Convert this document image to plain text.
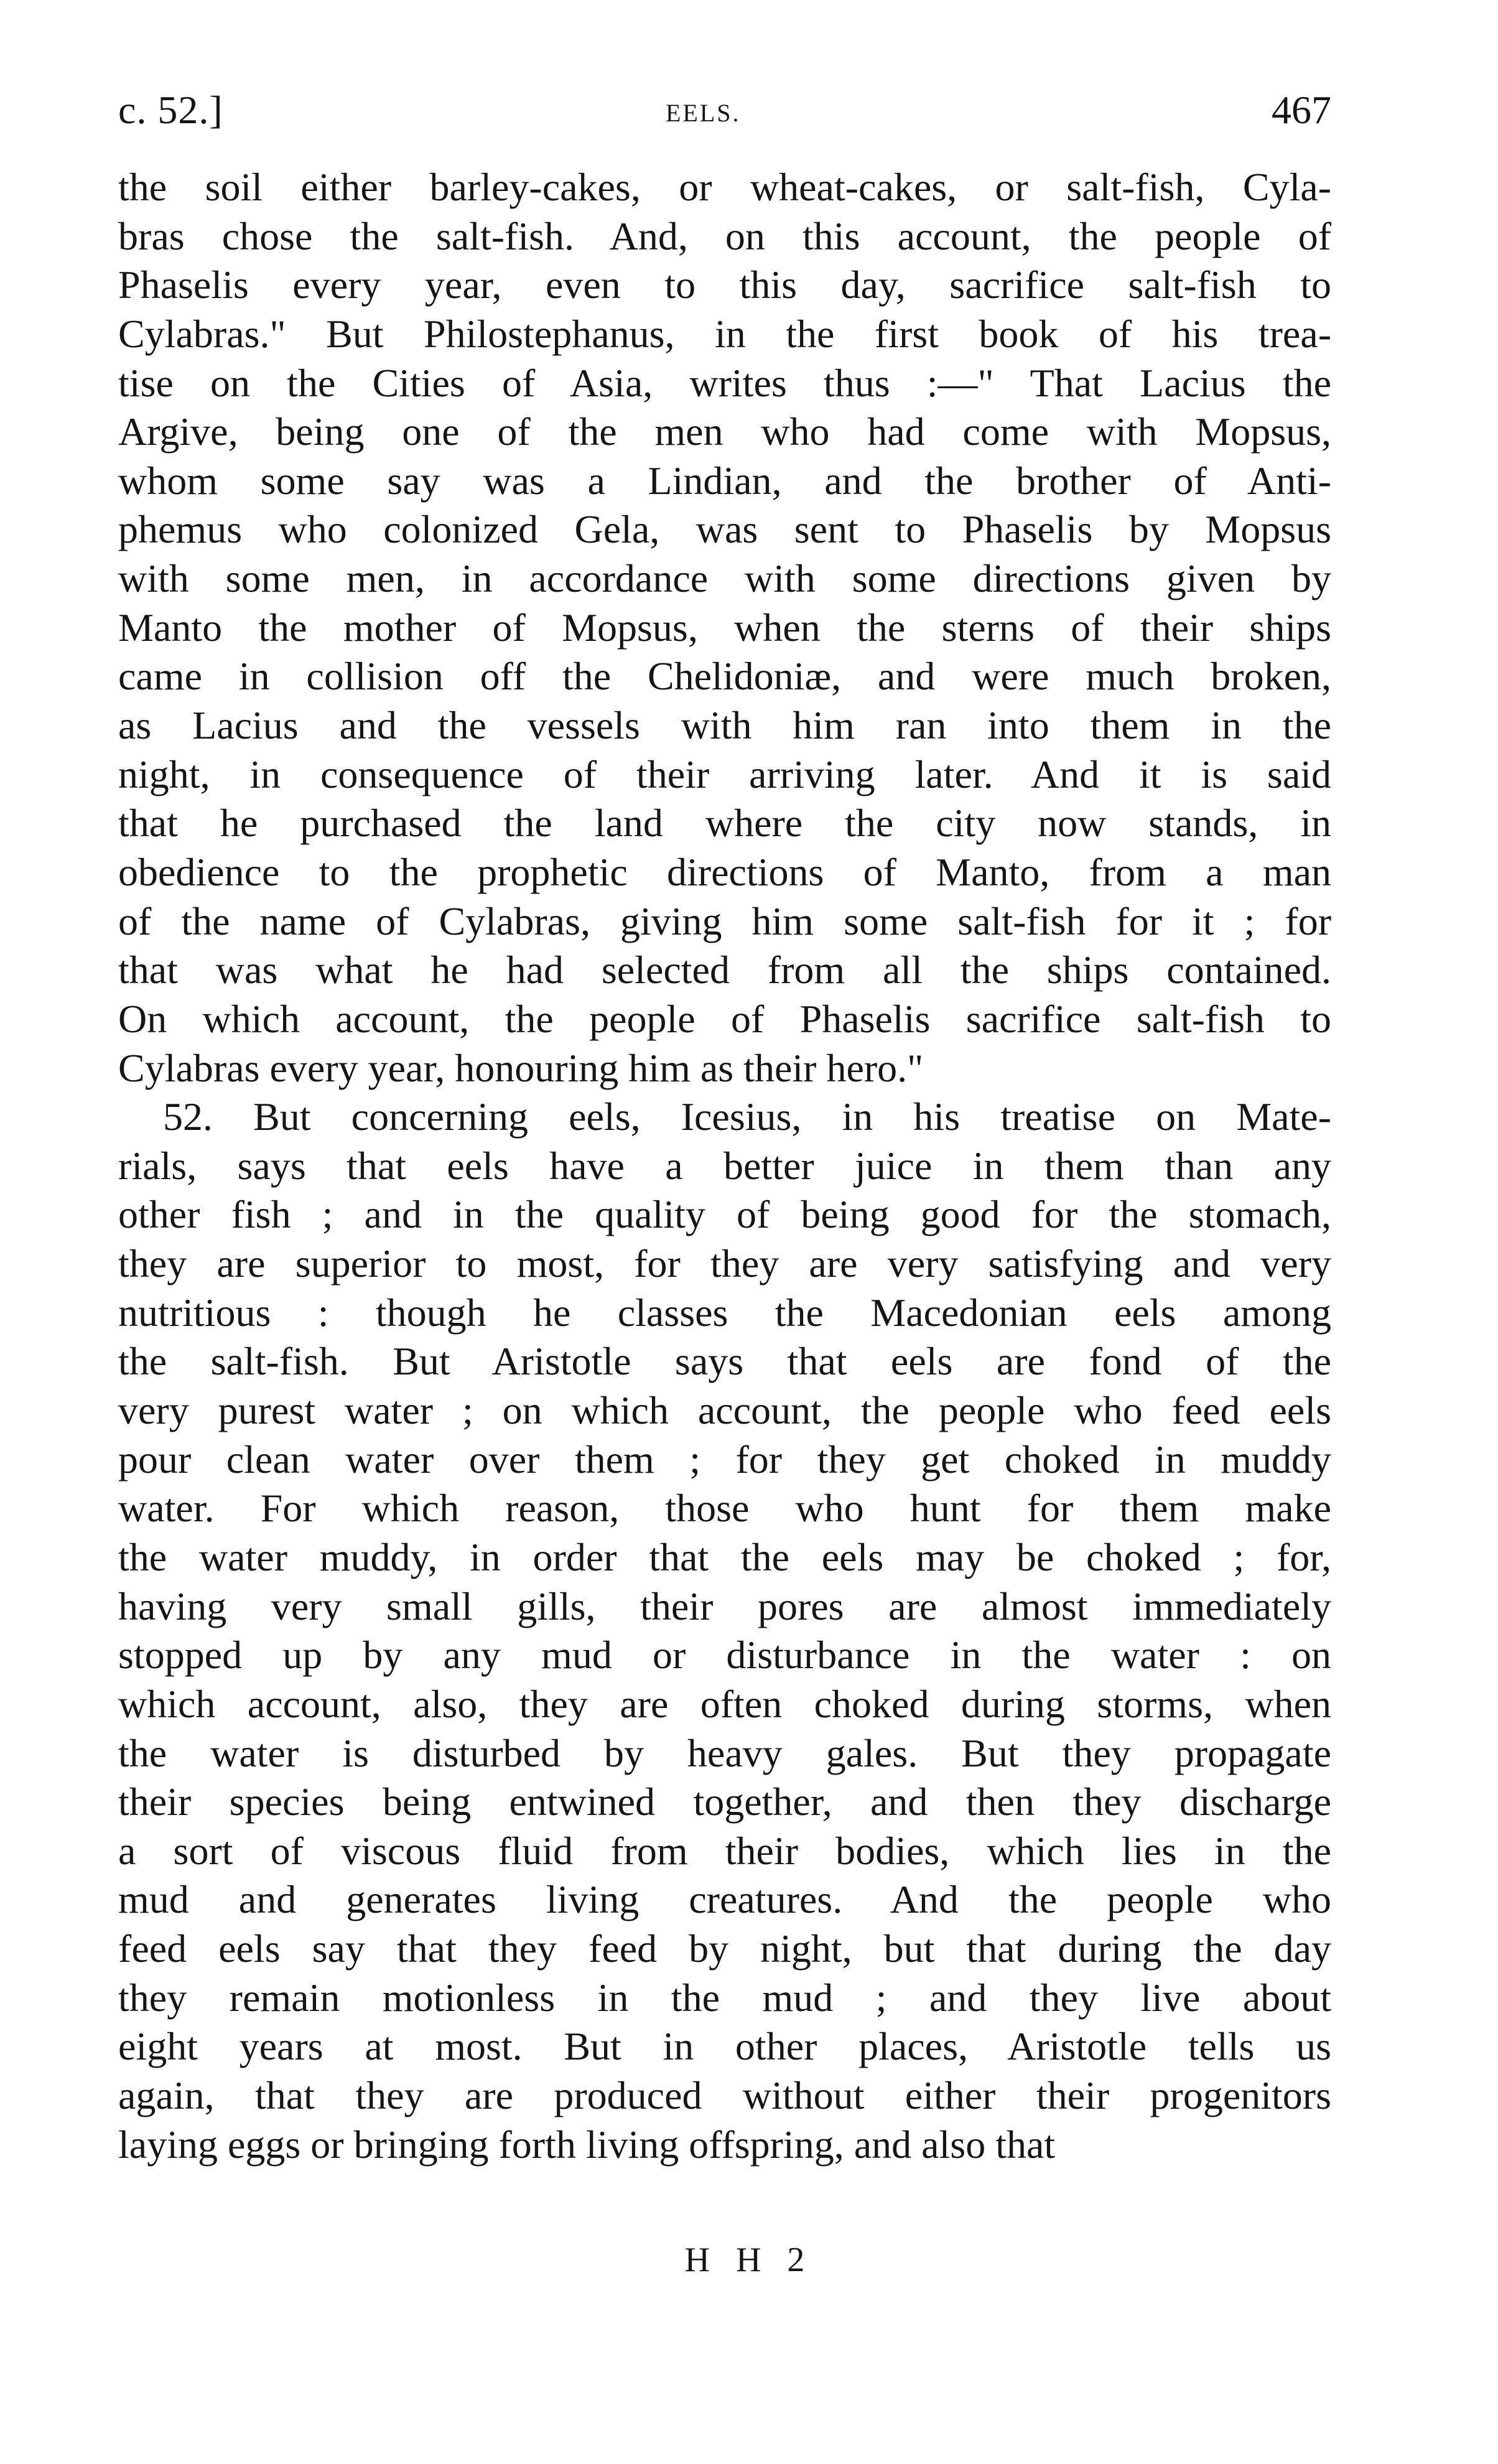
c. 52.]	EELS.	467
the soil either barley-cakes, or wheat-cakes, or salt-fish, Cyla-
bras chose the salt-fish. And, on this account, the people of
Phaselis every year, even to this day, sacrifice salt-fish to
Cylabras." But Philostephanus, in the first book of his trea-
tise on the Cities of Asia, writes thus :—" That Lacius the
Argive, being one of the men who had come with Mopsus,
whom some say was a Lindian, and the brother of Anti-
phemus who colonized Gela, was sent to Phaselis by Mopsus
with some men, in accordance with some directions given by
Manto the mother of Mopsus, when the sterns of their ships
came in collision off the Chelidoniæ, and were much broken,
as Lacius and the vessels with him ran into them in the
night, in consequence of their arriving later. And it is said
that he purchased the land where the city now stands, in
obedience to the prophetic directions of Manto, from a man
of the name of Cylabras, giving him some salt-fish for it ; for
that was what he had selected from all the ships contained.
On which account, the people of Phaselis sacrifice salt-fish to
Cylabras every year, honouring him as their hero."
52. But concerning eels, Icesius, in his treatise on Mate-
rials, says that eels have a better juice in them than any
other fish ; and in the quality of being good for the stomach,
they are superior to most, for they are very satisfying and very
nutritious : though he classes the Macedonian eels among
the salt-fish. But Aristotle says that eels are fond of the
very purest water ; on which account, the people who feed eels
pour clean water over them ; for they get choked in muddy
water. For which reason, those who hunt for them make
the water muddy, in order that the eels may be choked ; for,
having very small gills, their pores are almost immediately
stopped up by any mud or disturbance in the water : on
which account, also, they are often choked during storms, when
the water is disturbed by heavy gales. But they propagate
their species being entwined together, and then they discharge
a sort of viscous fluid from their bodies, which lies in the
mud and generates living creatures. And the people who
feed eels say that they feed by night, but that during the day
they remain motionless in the mud ; and they live about
eight years at most. But in other places, Aristotle tells us
again, that they are produced without either their progenitors
laying eggs or bringing forth living offspring, and also that
H H 2
